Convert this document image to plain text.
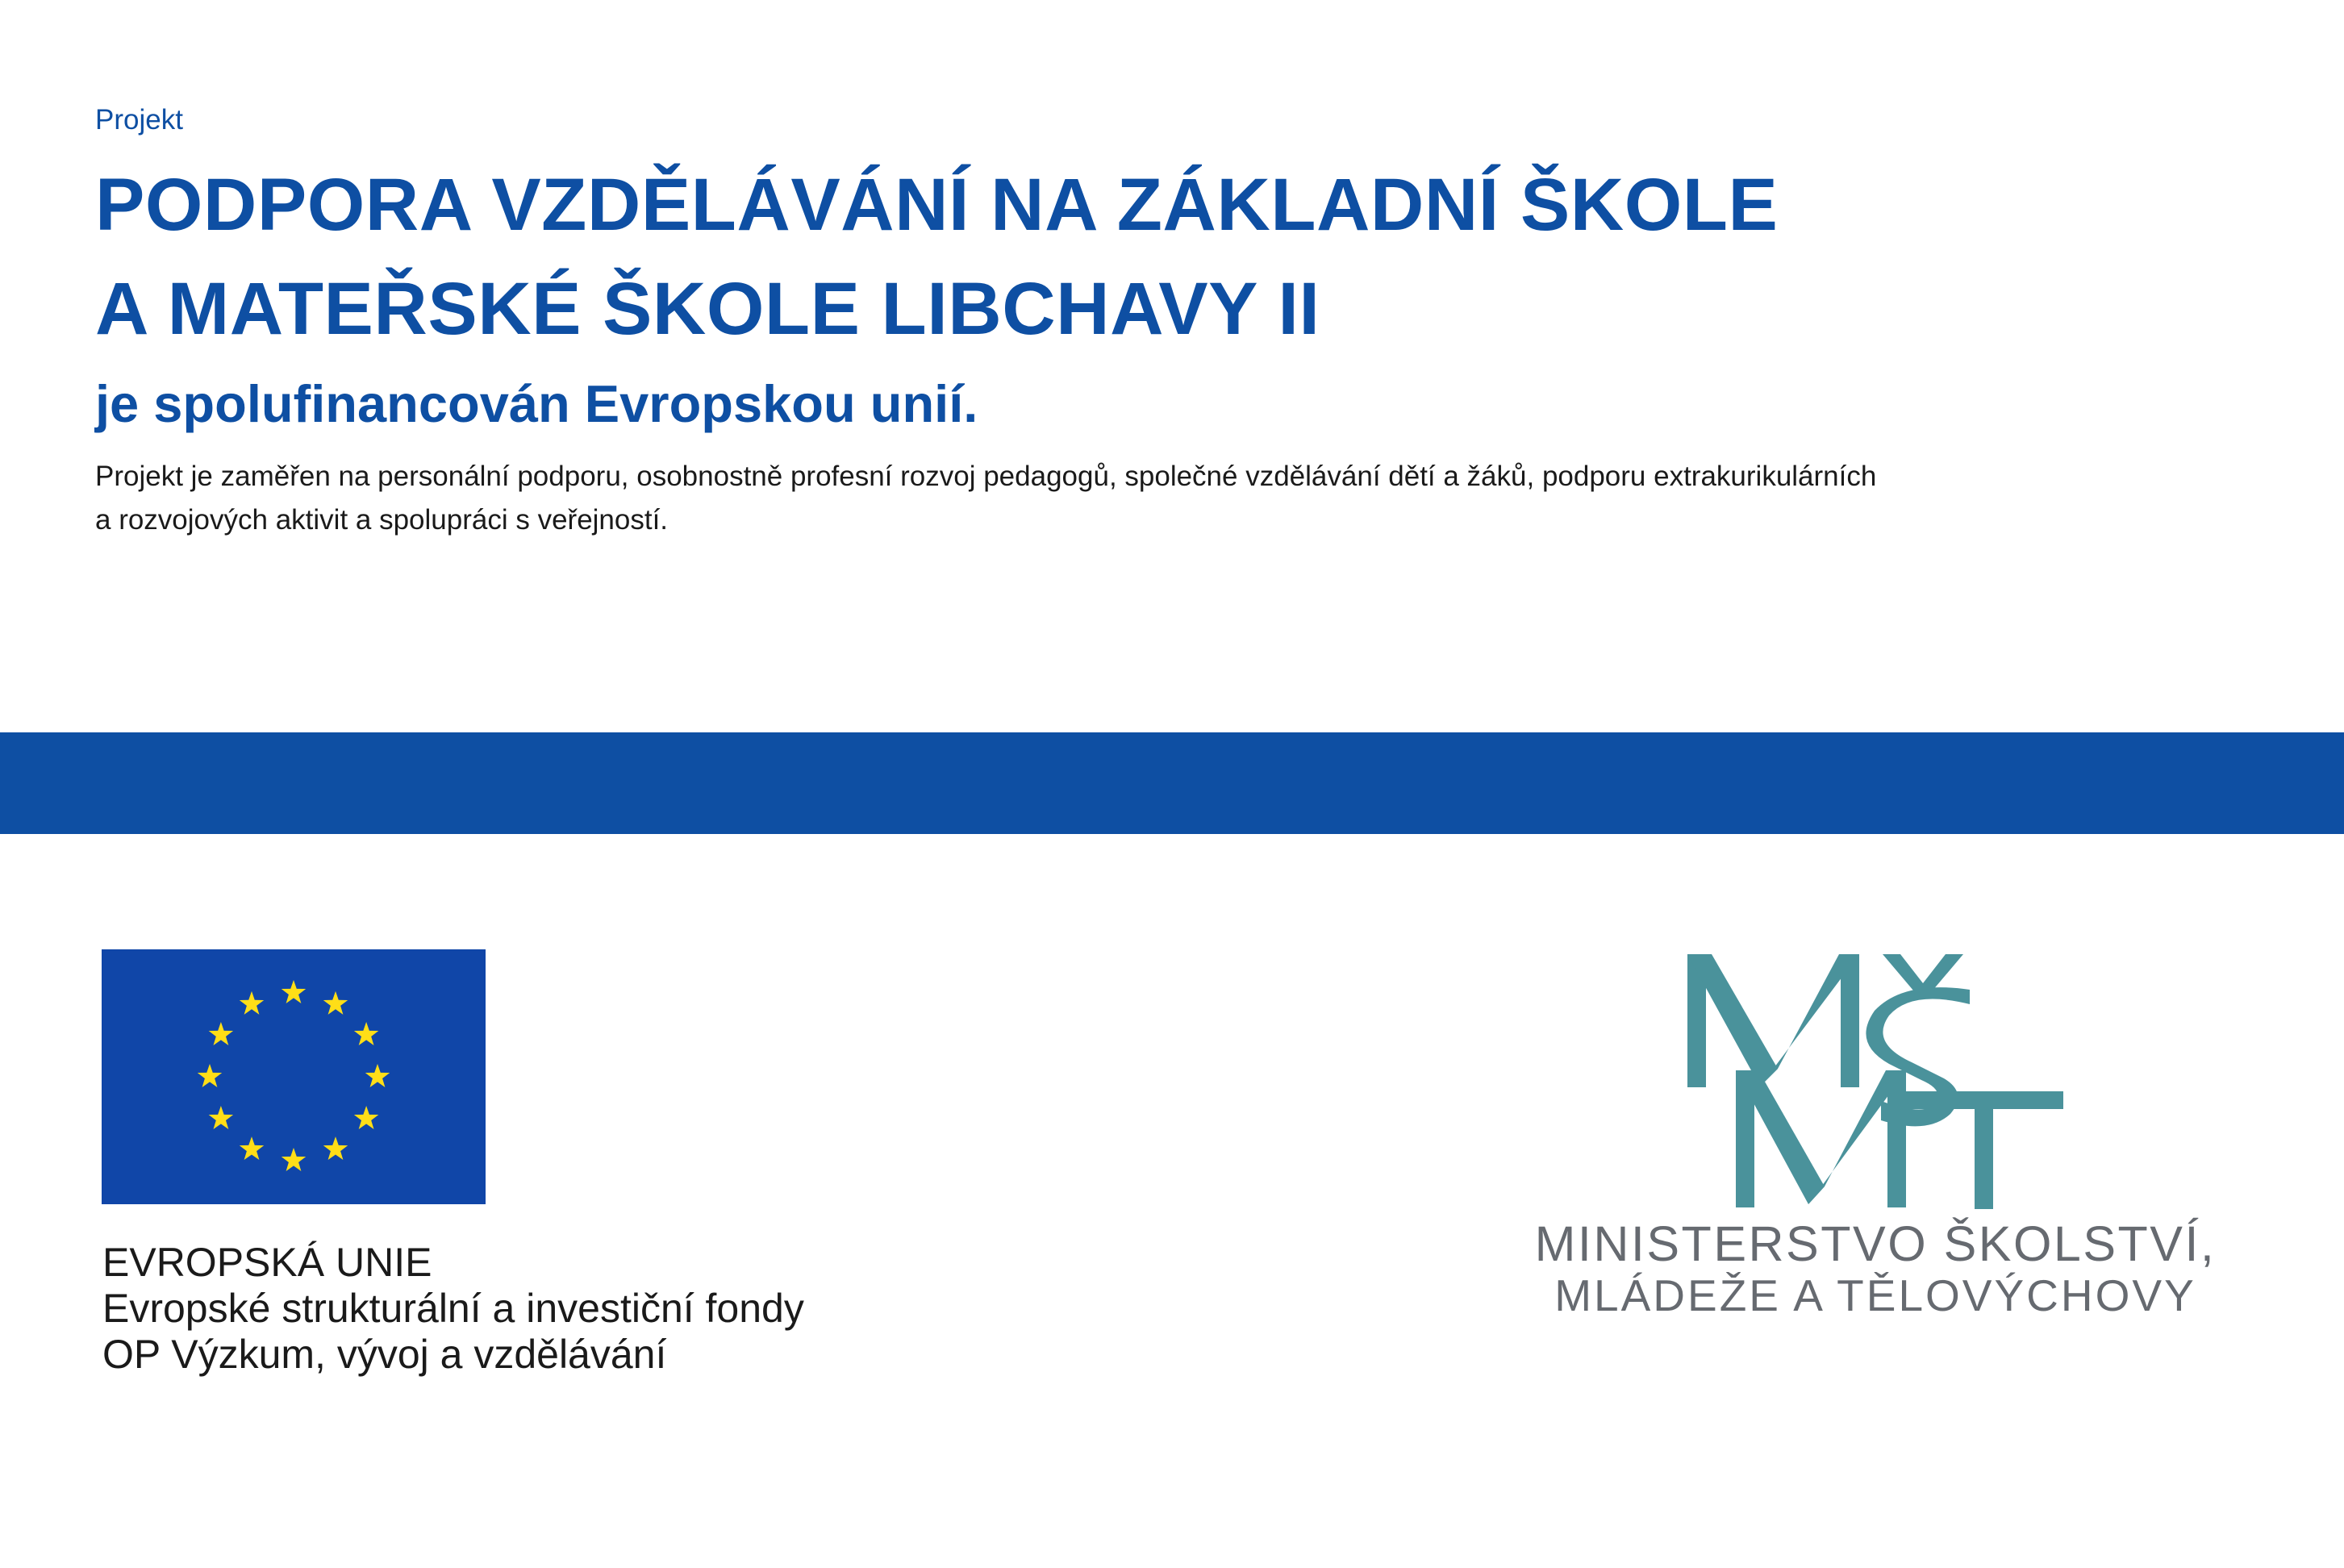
Projekt
PODPORA VZDĚLÁVÁNÍ NA ZÁKLADNÍ ŠKOLE
A MATEŘSKÉ ŠKOLE LIBCHAVY II
je spolufinancován Evropskou unií.
Projekt je zaměřen na personální podporu, osobnostně profesní rozvoj pedagogů, společné vzdělávání dětí a žáků, podporu extrakurikulárních
a rozvojových aktivit a spolupráci s veřejností.
EVROPSKÁ UNIE
Evropské strukturální a investiční fondy
OP Výzkum, vývoj a vzdělávání
MINISTERSTVO ŠKOLSTVÍ,
MLÁDEŽE A TĚLOVÝCHOVY
